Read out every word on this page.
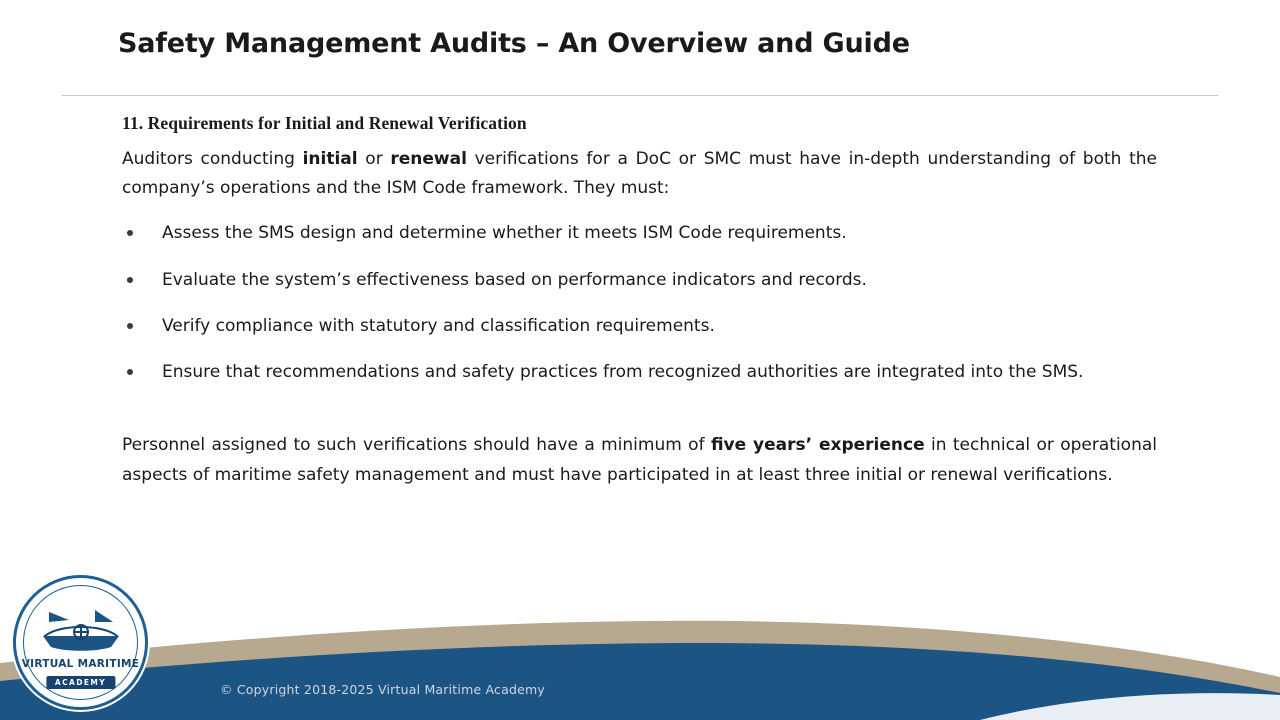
Safety Management Audits – An Overview and Guide
11. Requirements for Initial and Renewal Verification

Auditors conducting initial or renewal verifications for a DoC or SMC must have in-depth understanding of both the company’s operations and the ISM Code framework. They must:

Assess the SMS design and determine whether it meets ISM Code requirements.
Evaluate the system’s effectiveness based on performance indicators and records.
Verify compliance with statutory and classification requirements.
Ensure that recommendations and safety practices from recognized authorities are integrated into the SMS.

Personnel assigned to such verifications should have a minimum of five years’ experience in technical or operational aspects of maritime safety management and must have participated in at least three initial or renewal verifications.

© Copyright 2018-2025 Virtual Maritime Academy
VIRTUAL MARITIME
ACADEMY
